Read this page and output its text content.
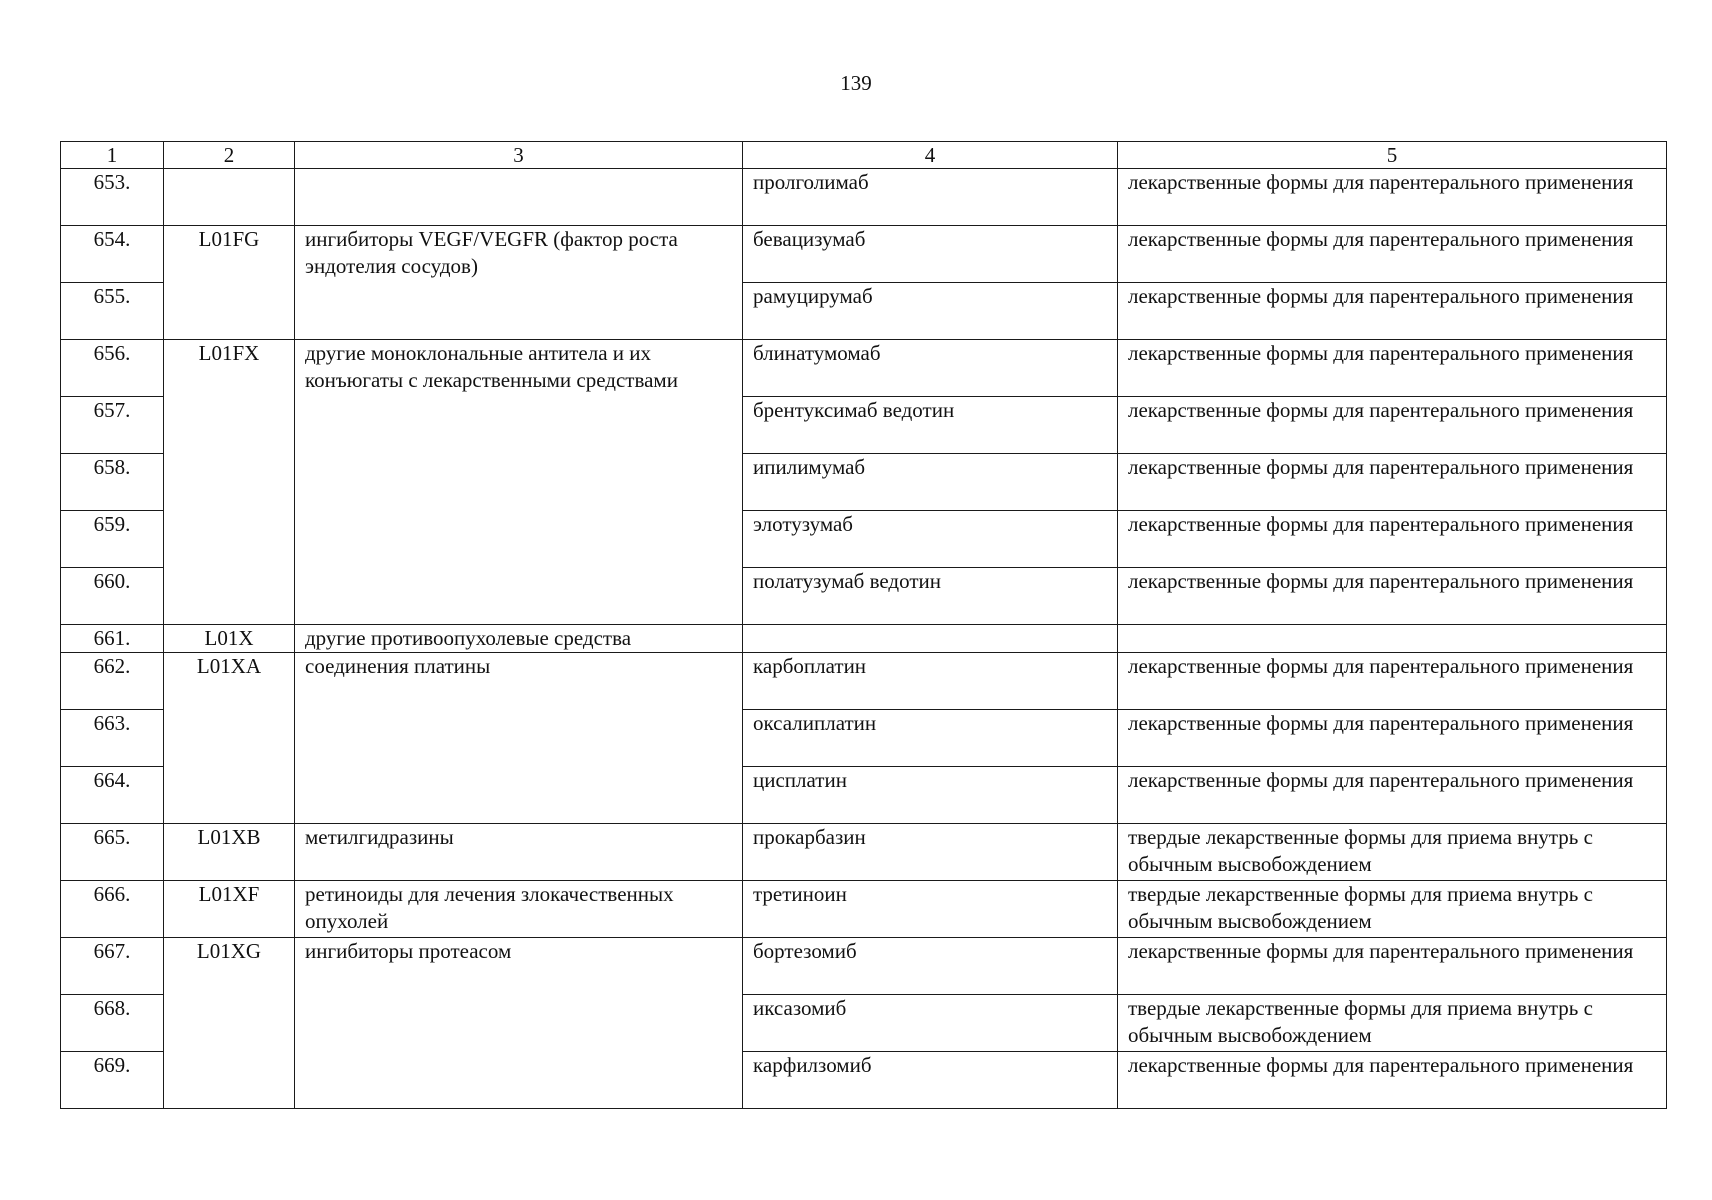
139
1	2	3	4	5
653.			пролголимаб	лекарственные формы для парентерального применения
654.	L01FG	ингибиторы VEGF/VEGFR (фактор роста эндотелия сосудов)	бевацизумаб	лекарственные формы для парентерального применения
655.			рамуцирумаб	лекарственные формы для парентерального применения
656.	L01FX	другие моноклональные антитела и их конъюгаты с лекарственными средствами	блинатумомаб	лекарственные формы для парентерального применения
657.			брентуксимаб ведотин	лекарственные формы для парентерального применения
658.			ипилимумаб	лекарственные формы для парентерального применения
659.			элотузумаб	лекарственные формы для парентерального применения
660.			полатузумаб ведотин	лекарственные формы для парентерального применения
661.	L01X	другие противоопухолевые средства		
662.	L01XA	соединения платины	карбоплатин	лекарственные формы для парентерального применения
663.			оксалиплатин	лекарственные формы для парентерального применения
664.			цисплатин	лекарственные формы для парентерального применения
665.	L01XB	метилгидразины	прокарбазин	твердые лекарственные формы для приема внутрь с обычным высвобождением
666.	L01XF	ретиноиды для лечения злокачественных опухолей	третиноин	твердые лекарственные формы для приема внутрь с обычным высвобождением
667.	L01XG	ингибиторы протеасом	бортезомиб	лекарственные формы для парентерального применения
668.			иксазомиб	твердые лекарственные формы для приема внутрь с обычным высвобождением
669.			карфилзомиб	лекарственные формы для парентерального применения
